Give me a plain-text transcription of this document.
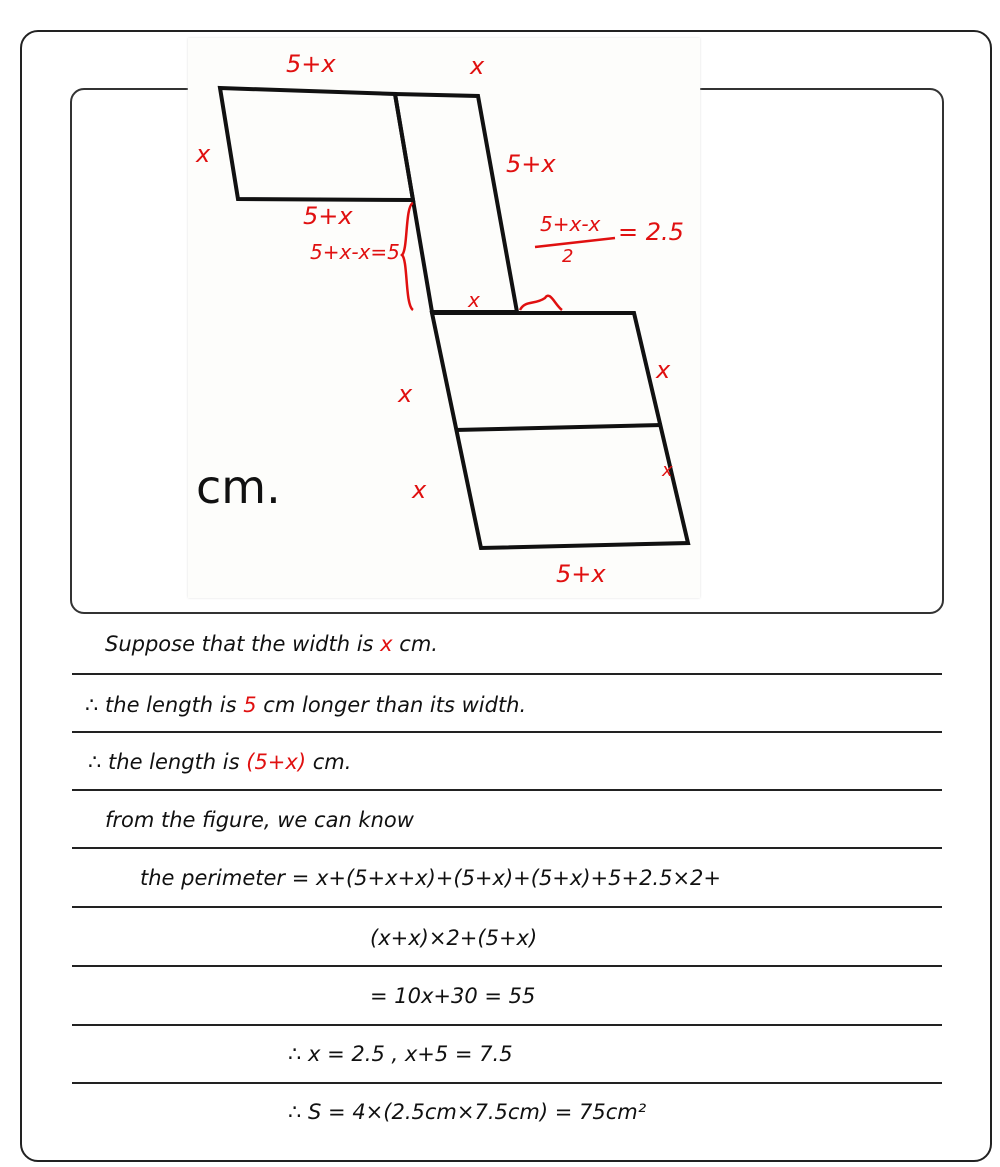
5+x	x
x	5+x
5+x
5+x-x=5
5+x-x
2
= 2.5
x
x
x
x
x
5+x
cm.
Suppose that the width is x cm.
∴ the length is 5 cm longer than its width.
∴ the length is (5+x) cm.
from the figure, we can know
the perimeter = x+(5+x+x)+(5+x)+(5+x)+5+2.5×2+
(x+x)×2+(5+x)
= 10x+30 = 55
∴ x = 2.5 , x+5 = 7.5
∴ S = 4×(2.5cm×7.5cm) = 75cm²
